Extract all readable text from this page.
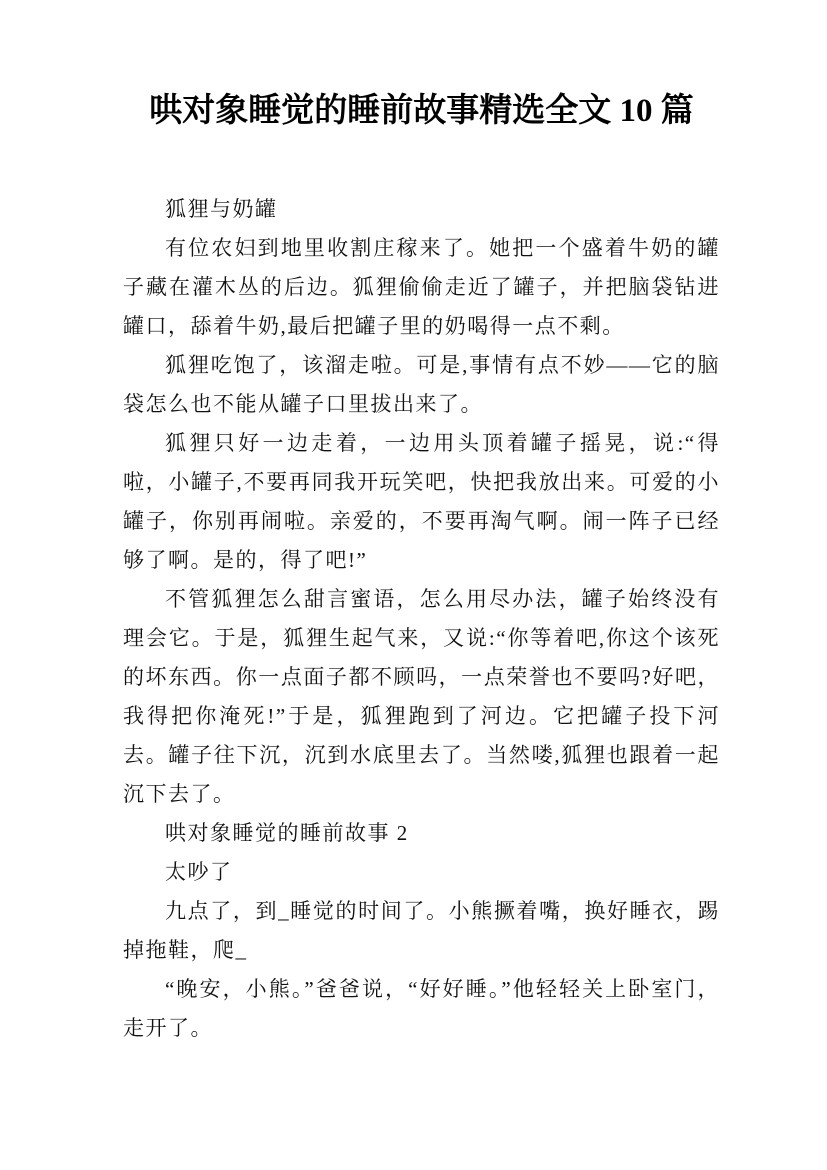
哄对象睡觉的睡前故事精选全文 10 篇

狐狸与奶罐

有位农妇到地里收割庄稼来了。她把一个盛着牛奶的罐子藏在灌木丛的后边。狐狸偷偷走近了罐子，并把脑袋钻进罐口，舔着牛奶,最后把罐子里的奶喝得一点不剩。

狐狸吃饱了，该溜走啦。可是,事情有点不妙——它的脑袋怎么也不能从罐子口里拔出来了。

狐狸只好一边走着，一边用头顶着罐子摇晃，说:“得啦，小罐子,不要再同我开玩笑吧，快把我放出来。可爱的小罐子，你别再闹啦。亲爱的，不要再淘气啊。闹一阵子已经够了啊。是的，得了吧!”

不管狐狸怎么甜言蜜语，怎么用尽办法，罐子始终没有理会它。于是，狐狸生起气来，又说:“你等着吧,你这个该死的坏东西。你一点面子都不顾吗，一点荣誉也不要吗?好吧，我得把你淹死!”于是，狐狸跑到了河边。它把罐子投下河去。罐子往下沉，沉到水底里去了。当然喽,狐狸也跟着一起沉下去了。

哄对象睡觉的睡前故事 2

太吵了

九点了，到_睡觉的时间了。小熊撅着嘴，换好睡衣，踢掉拖鞋，爬_

“晚安，小熊。”爸爸说，“好好睡。”他轻轻关上卧室门，走开了。
